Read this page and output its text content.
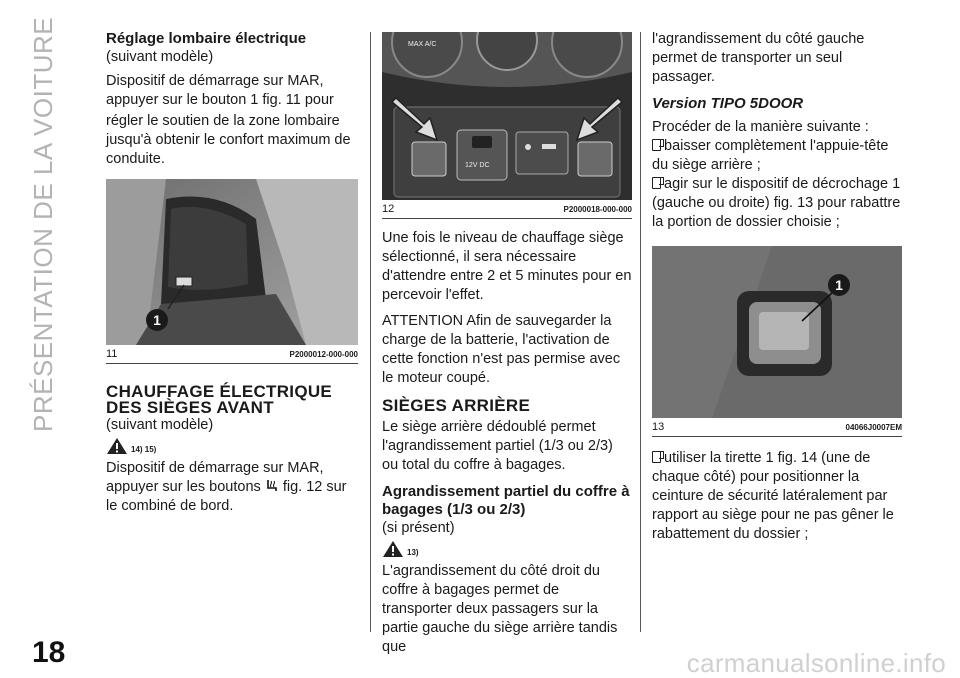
PRÉSENTATION DE LA VOITURE	Réglage lombaire électrique
(suivant modèle)
Dispositif de démarrage sur MAR, appuyer sur le bouton 1 fig. 11 pour
régler le soutien de la zone lombaire jusqu'à obtenir le confort maximum de conduite.
1
11	P2000012-000-000
CHAUFFAGE ÉLECTRIQUE DES SIÈGES AVANT
(suivant modèle)
14) 15)
Dispositif de démarrage sur MAR, appuyer sur les boutons fig. 12 sur le combiné de bord.
MAX A/C
12V DC
12	P2000018-000-000
Une fois le niveau de chauffage siège sélectionné, il sera nécessaire d'attendre entre 2 et 5 minutes pour en percevoir l'effet.
ATTENTION Afin de sauvegarder la charge de la batterie, l'activation de cette fonction n'est pas permise avec le moteur coupé.
SIÈGES ARRIÈRE
Le siège arrière dédoublé permet l'agrandissement partiel (1/3 ou 2/3) ou total du coffre à bagages.
Agrandissement partiel du coffre à bagages (1/3 ou 2/3)
(si présent)
13)
L'agrandissement du côté droit du coffre à bagages permet de transporter deux passagers sur la partie gauche du siège arrière tandis que
l'agrandissement du côté gauche permet de transporter un seul passager.
Version TIPO 5DOOR
Procéder de la manière suivante :
baisser complètement l'appuie-tête du siège arrière ;
agir sur le dispositif de décrochage 1 (gauche ou droite) fig. 13 pour rabattre la portion de dossier choisie ;
1
13	04066J0007EM
utiliser la tirette 1 fig. 14 (une de chaque côté) pour positionner la ceinture de sécurité latéralement par rapport au siège pour ne pas gêner le rabattement du dossier ;
18	carmanualsonline.info
